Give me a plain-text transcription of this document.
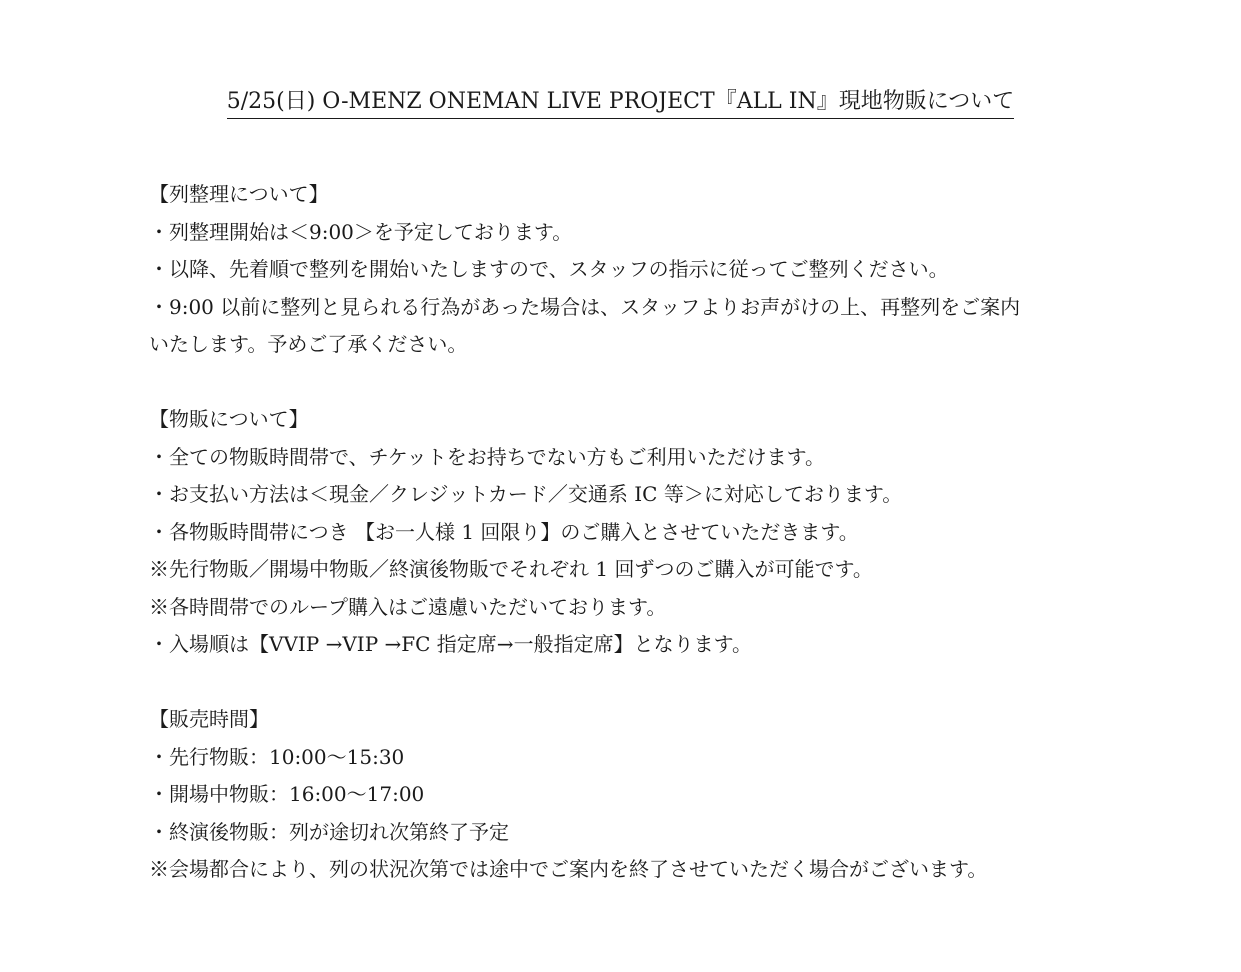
5/25(日) O-MENZ ONEMAN LIVE PROJECT『ALL IN』現地物販について
【列整理について】
・列整理開始は＜9:00＞を予定しております。
・以降、先着順で整列を開始いたしますので、スタッフの指示に従ってご整列ください。
・9:00 以前に整列と見られる行為があった場合は、スタッフよりお声がけの上、再整列をご案内
いたします。予めご了承ください。
【物販について】
・全ての物販時間帯で、チケットをお持ちでない方もご利用いただけます。
・お支払い方法は＜現金／クレジットカード／交通系 IC 等＞に対応しております。
・各物販時間帯につき 【お一人様 1 回限り】のご購入とさせていただきます。
※先行物販／開場中物販／終演後物販でそれぞれ 1 回ずつのご購入が可能です。
※各時間帯でのループ購入はご遠慮いただいております。
・入場順は【VVIP →VIP →FC 指定席→一般指定席】となります。
【販売時間】
・先行物販：10:00〜15:30
・開場中物販：16:00〜17:00
・終演後物販：列が途切れ次第終了予定
※会場都合により、列の状況次第では途中でご案内を終了させていただく場合がございます。
